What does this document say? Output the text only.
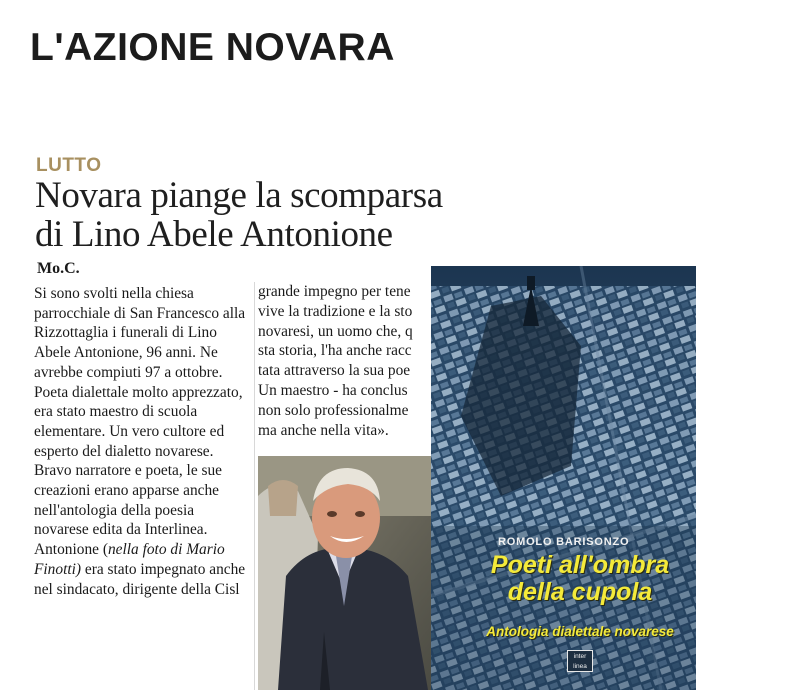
L'AZIONE NOVARA
LUTTO
Novara piange la scomparsa
di Lino Abele Antonione
Mo.C.

Si sono svolti nella chiesa parrocchiale di San Francesco alla Rizzottaglia i funerali di Lino Abele Antonione, 96 anni. Ne avrebbe compiuti 97 a ottobre.

Poeta dialettale molto apprezzato, era stato maestro di scuola elementare. Un vero cultore ed esperto del dialetto novarese.

Bravo narratore e poeta, le sue creazioni erano apparse anche nell'antologia della poesia novarese edita da Interlinea. Antonione (nella foto di Mario Finotti) era stato impegnato anche nel sindacato, dirigente della Cisl

grande impegno per tene
vive la tradizione e la sto
novaresi, un uomo che, q
sta storia, l'ha anche racc
tata attraverso la sua poe
Un maestro - ha conclus
non solo professionalme
ma anche nella vita».
ROMOLO BARISONZO
Poeti all'ombra
della cupola
Antologia dialettale novarese
inter
linea
